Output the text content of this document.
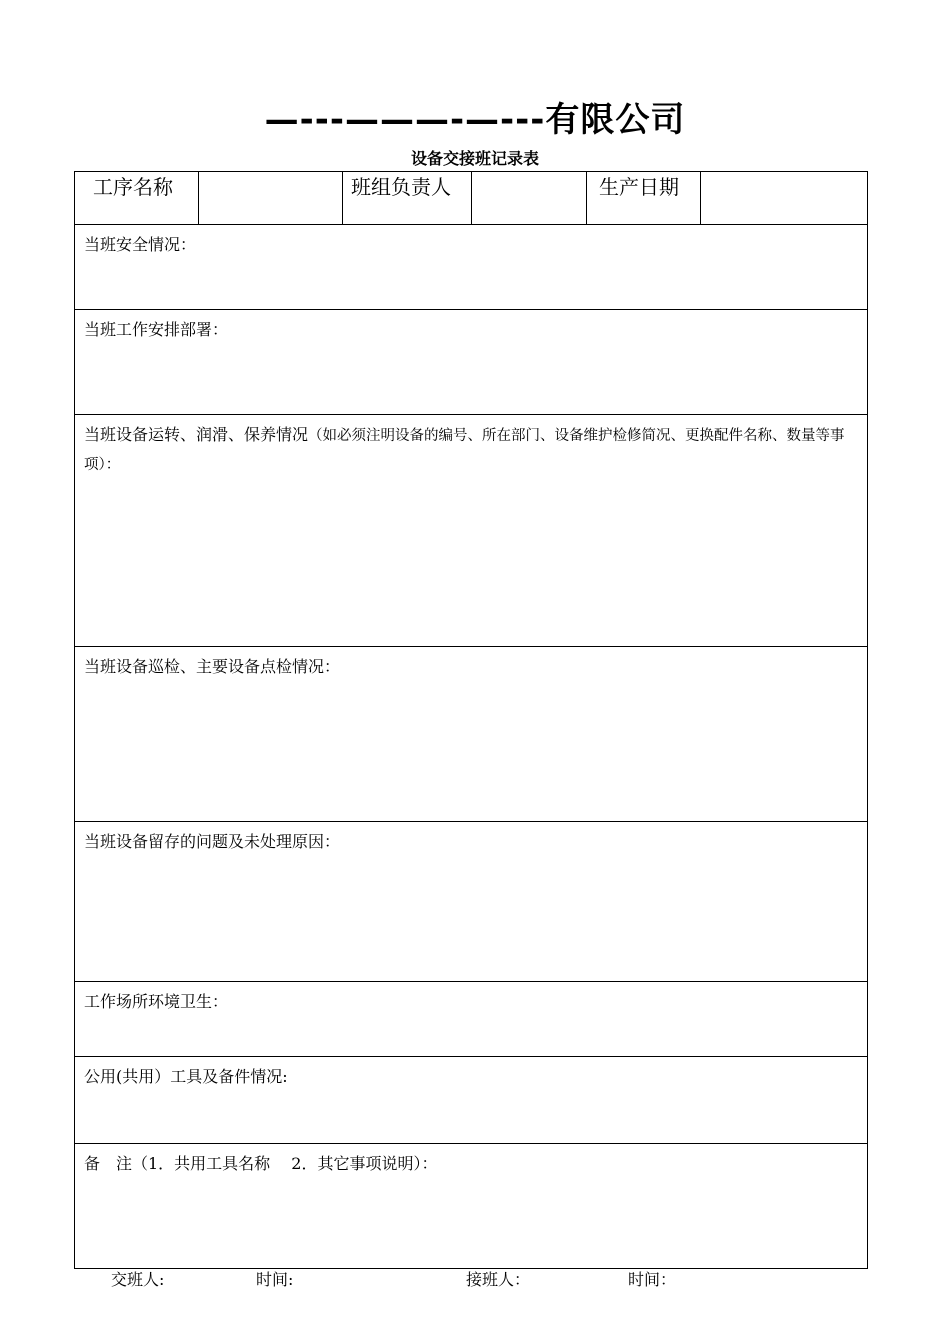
—---———-—---有限公司
设备交接班记录表
工序名称		班组负责人		生产日期	
当班安全情况：
当班工作安排部署：
当班设备运转、润滑、保养情况（如必须注明设备的编号、所在部门、设备维护检修简况、更换配件名称、数量等事项）：
当班设备巡检、主要设备点检情况：
当班设备留存的问题及未处理原因：
工作场所环境卫生：
公用(共用）工具及备件情况:
备　注（1．共用工具名称　 2．其它事项说明）：
交班人:	时间:	接班人：	时间：
